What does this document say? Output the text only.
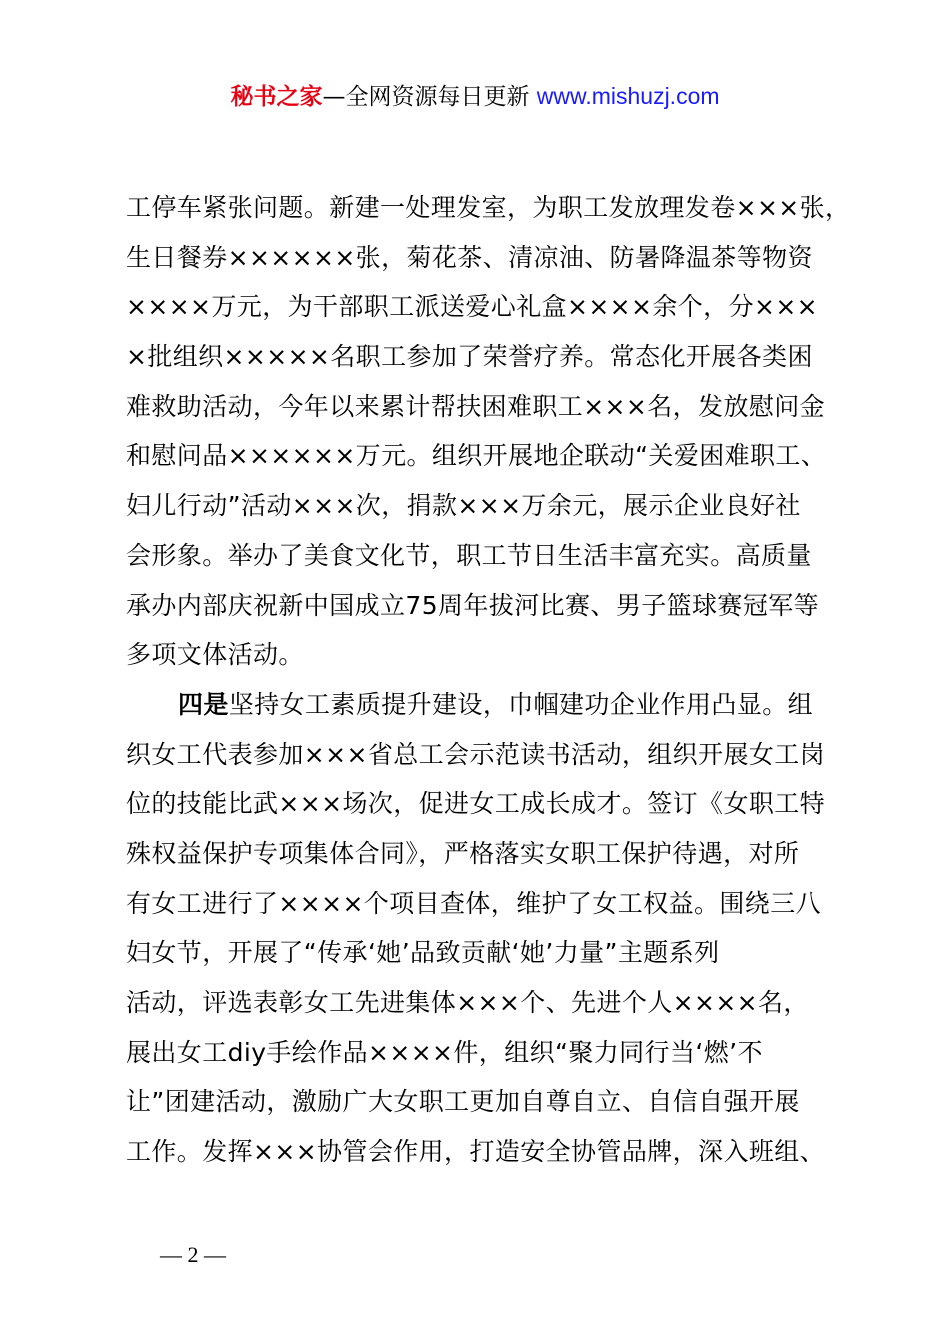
秘书之家—全网资源每日更新 www.mishuzj.com
工停车紧张问题。新建一处理发室，为职工发放理发卷×××张，
生日餐券××××××张，菊花茶、清凉油、防暑降温茶等物资
××××万元，为干部职工派送爱心礼盒××××余个，分×××
×批组织×××××名职工参加了荣誉疗养。常态化开展各类困
难救助活动，今年以来累计帮扶困难职工×××名，发放慰问金
和慰问品××××××万元。组织开展地企联动“关爱困难职工、
妇儿行动”活动×××次，捐款×××万余元，展示企业良好社
会形象。举办了美食文化节，职工节日生活丰富充实。高质量
承办内部庆祝新中国成立75周年拔河比赛、男子篮球赛冠军等
多项文体活动。
四是坚持女工素质提升建设，巾帼建功企业作用凸显。组
织女工代表参加×××省总工会示范读书活动，组织开展女工岗
位的技能比武×××场次，促进女工成长成才。签订《女职工特
殊权益保护专项集体合同》，严格落实女职工保护待遇，对所
有女工进行了××××个项目查体，维护了女工权益。围绕三八
妇女节，开展了“传承‘她’品致贡献‘她’力量”主题系列
活动，评选表彰女工先进集体×××个、先进个人××××名，
展出女工diy手绘作品××××件，组织“聚力同行当‘燃’不
让”团建活动，激励广大女职工更加自尊自立、自信自强开展
工作。发挥×××协管会作用，打造安全协管品牌，深入班组、
— 2 —
